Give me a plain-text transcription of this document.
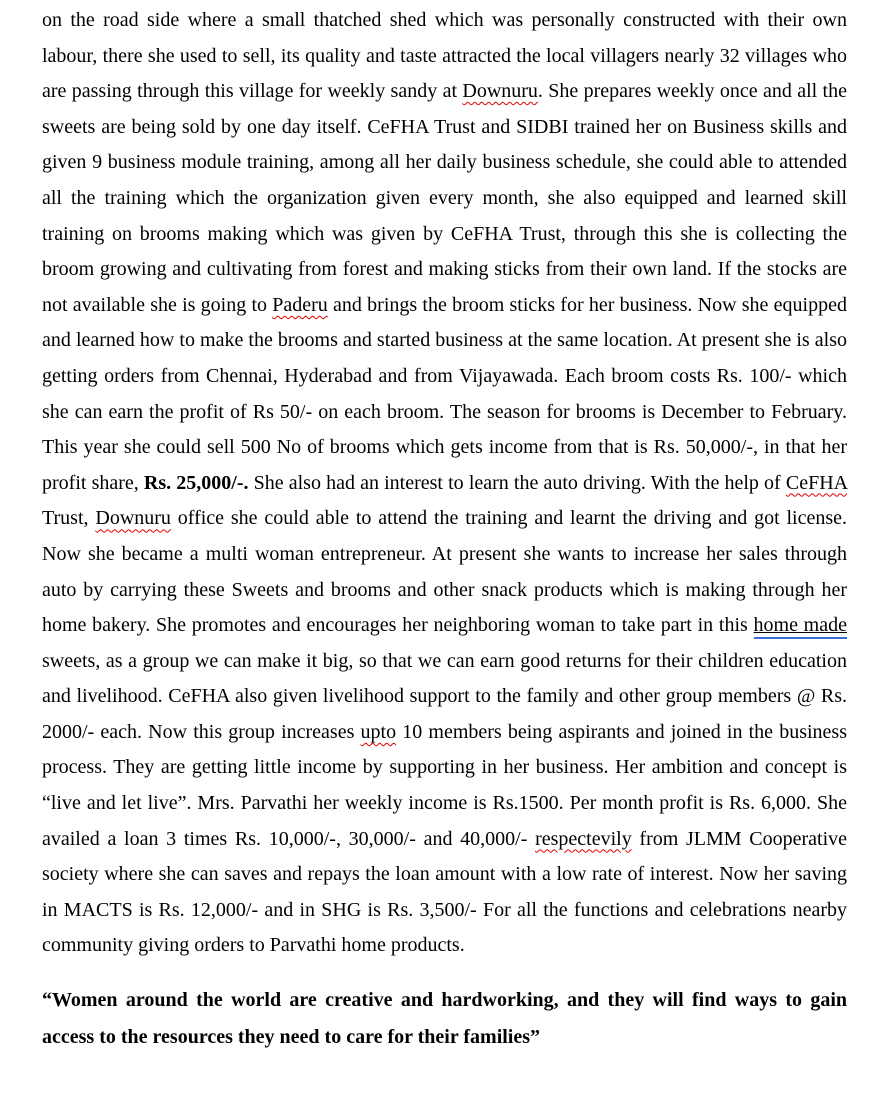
on the road side where a small thatched shed which was personally constructed with their own labour, there she used to sell, its quality and taste attracted the local villagers nearly 32 villages who are passing through this village for weekly sandy at Downuru. She prepares weekly once and all the sweets are being sold by one day itself. CeFHA Trust and SIDBI trained her on Business skills and given 9 business module training, among all her daily business schedule, she could able to attended all the training which the organization given every month, she also equipped and learned skill training on brooms making which was given by CeFHA Trust, through this she is collecting the broom growing and cultivating from forest and making sticks from their own land. If the stocks are not available she is going to Paderu and brings the broom sticks for her business. Now she equipped and learned how to make the brooms and started business at the same location. At present she is also getting orders from Chennai, Hyderabad and from Vijayawada. Each broom costs Rs. 100/- which she can earn the profit of Rs 50/- on each broom. The season for brooms is December to February. This year she could sell 500 No of brooms which gets income from that is Rs. 50,000/-, in that her profit share, Rs. 25,000/-. She also had an interest to learn the auto driving. With the help of CeFHA Trust, Downuru office she could able to attend the training and learnt the driving and got license. Now she became a multi woman entrepreneur. At present she wants to increase her sales through auto by carrying these Sweets and brooms and other snack products which is making through her home bakery. She promotes and encourages her neighboring woman to take part in this home made sweets, as a group we can make it big, so that we can earn good returns for their children education and livelihood. CeFHA also given livelihood support to the family and other group members @ Rs. 2000/- each. Now this group increases upto 10 members being aspirants and joined in the business process. They are getting little income by supporting in her business. Her ambition and concept is “live and let live”. Mrs. Parvathi her weekly income is Rs.1500. Per month profit is Rs. 6,000. She availed a loan 3 times Rs. 10,000/-, 30,000/- and 40,000/- respectevily from JLMM Cooperative society where she can saves and repays the loan amount with a low rate of interest. Now her saving in MACTS is Rs. 12,000/- and in SHG is Rs. 3,500/- For all the functions and celebrations nearby community giving orders to Parvathi home products.

“Women around the world are creative and hardworking, and they will find ways to gain access to the resources they need to care for their families”
